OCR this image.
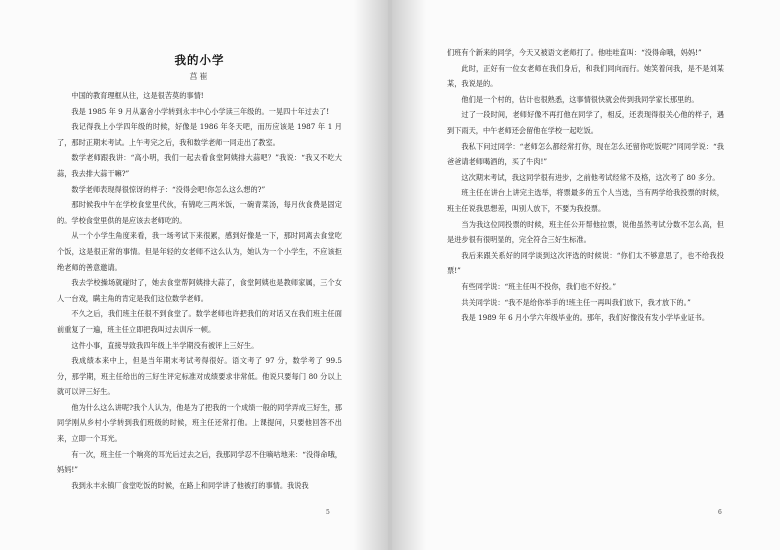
我的小学
莒崔

中国的教育理框从往，这是很苦莫的事情!

我是 1985 年 9 月从嘉舍小学转到永丰中心小学读三年级的。一晃四十年过去了!

我记得我上小学四年级的时候，好像是 1986 年冬天吧，而历应该是 1987 年 1 月了，那时正期末考试。上午考完之后，我和数学老师一同走出了教室。

数学老师跟我讲：“高小明，我们一起去看食堂阿姨排大蒜吧？”我说：“我又不吃大蒜，我去排大蒜干嘛?”

数学老师表现得很惊讶的样子：“没得会吧!你怎么这么想的?”

那时候我中午在学校食堂里代伙，有锦吃三两米饭，一碗青菜汤，每月伙食费是固定的。学校食堂里供的是应该去老师吃的。

从一个小学生角度来看，我一场考试下来很累，感到好像是一下，那时同离去食堂吃个饭，这是很正常的事情。但是年轻的女老师不这么认为，她认为一个小学生，不应该拒绝老师的善意邀请。

我去学校操场就碰时了，她去食堂帮阿姨排大蒜了，食堂阿姨也是教师家属，三个女人一台戏，瞒主角的肯定是我们这位数学老师。

不久之后，我们班主任很不到食堂了。数学老师也许把我们的对话又在我们班主任面前重复了一遍，班主任立即把我叫过去训斥一顿。

这件小事，直接导致我四年级上半学期没有被评上三好生。

我成绩本来中上，但是当年期末考试考得很好。语文考了 97 分，数学考了 99.5 分，那学期，班主任给出的三好生评定标准对成绩要求非常低。他说只要每门 80 分以上就可以评三好生。

他为什么这么讲呢?我个人认为，他是为了把我的一个成绩一般的同学弄成三好生，那同学刚从乡村小学转到我们班级的时候，班主任还常打他。上课提问，只要他回答不出来，立即一个耳光。

有一次，班主任一个响亮的耳光后过去之后，我那同学忍不住嘀咕地来：“没得命哦，妈妈!”

我到永丰永镇厂食堂吃饭的时候，在路上和同学讲了他被打的事情。我说我

5

们班有个新来的同学，今天又被语文老师打了。他哇哇直叫：“没得命哦，妈妈!”

此时，正好有一位女老师在我们身后，和我们同向而行。她笑着问我，是不是刘某某，我说是的。

他们是一个村的，估计也很熟悉，这事情很快就会传到我同学家长那里的。

过了一段时间，老师好像不再打他在同学了，相反，还表现得很关心他的样子，遇到下雨天，中午老师还会留他在学校一起吃饭。

我私下问过同学：“老师怎么都经常打你，现在怎么还留你吃饭呢?”同同学说：“我爸爸请老师喝酒的，买了牛肉!”

这次期末考试，我这同学很有进步，之前他考试经常不及格，这次考了 80 多分。

班主任在讲台上讲完主选举，将票最多的五个人当选，当有两学给我投票的时候，班主任说我思想差，叫别人放下，不要为我投票。

当为我这位同投票的时候，班主任公开帮他拉票，说他虽然考试分数不怎么高，但是进步很有很明显的，完全符合三好生标准。

我后来跟关系好的同学谈到这次评选的时候说：“你们太不够意思了，也不给我投票!”

有些同学说：“班主任叫不投你，我们也不好投。”

共关同学说：“我不是给你举手的!班主任一再叫我们放下，我才放下的。”

我是 1989 年 6 月小学六年级毕业的。那年，我们好像没有发小学毕业证书。

6
